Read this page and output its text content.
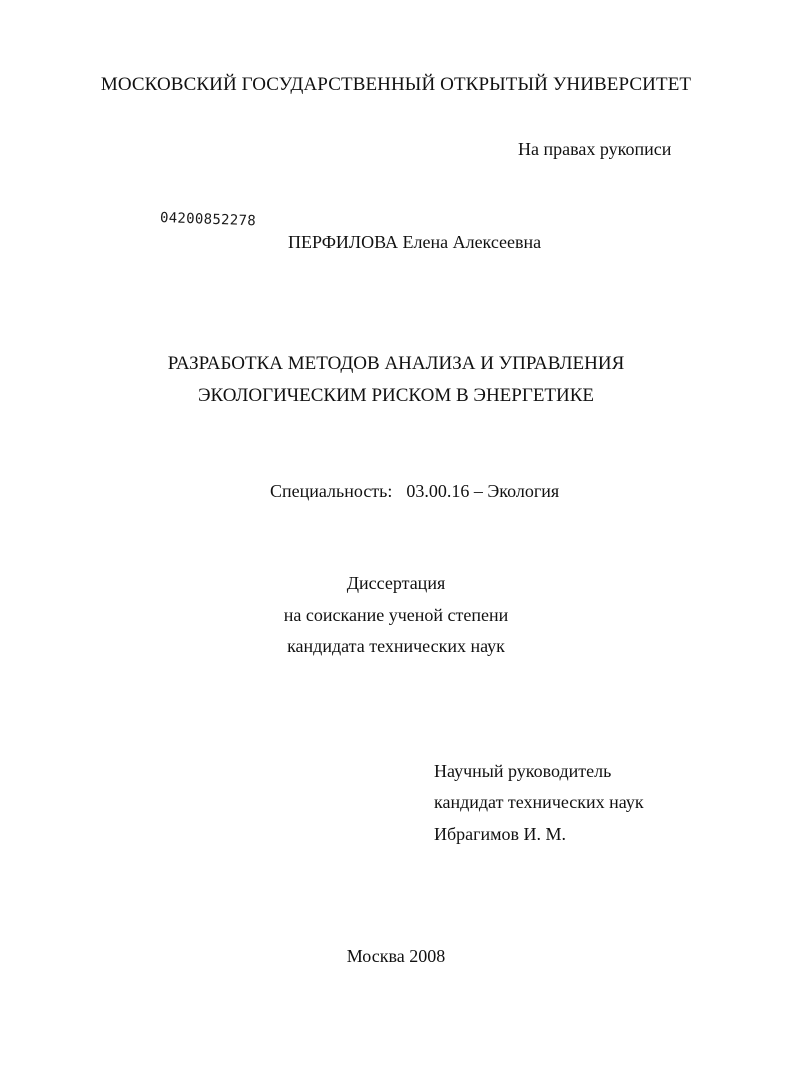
МОСКОВСКИЙ ГОСУДАРСТВЕННЫЙ ОТКРЫТЫЙ УНИВЕРСИТЕТ
На правах рукописи
04200852278
ПЕРФИЛОВА Елена Алексеевна
РАЗРАБОТКА МЕТОДОВ АНАЛИЗА И УПРАВЛЕНИЯ
ЭКОЛОГИЧЕСКИМ РИСКОМ В ЭНЕРГЕТИКЕ
Специальность: 03.00.16 – Экология
Диссертация
на соискание ученой степени
кандидата технических наук
Научный руководитель
кандидат технических наук
Ибрагимов И. М.
Москва 2008
